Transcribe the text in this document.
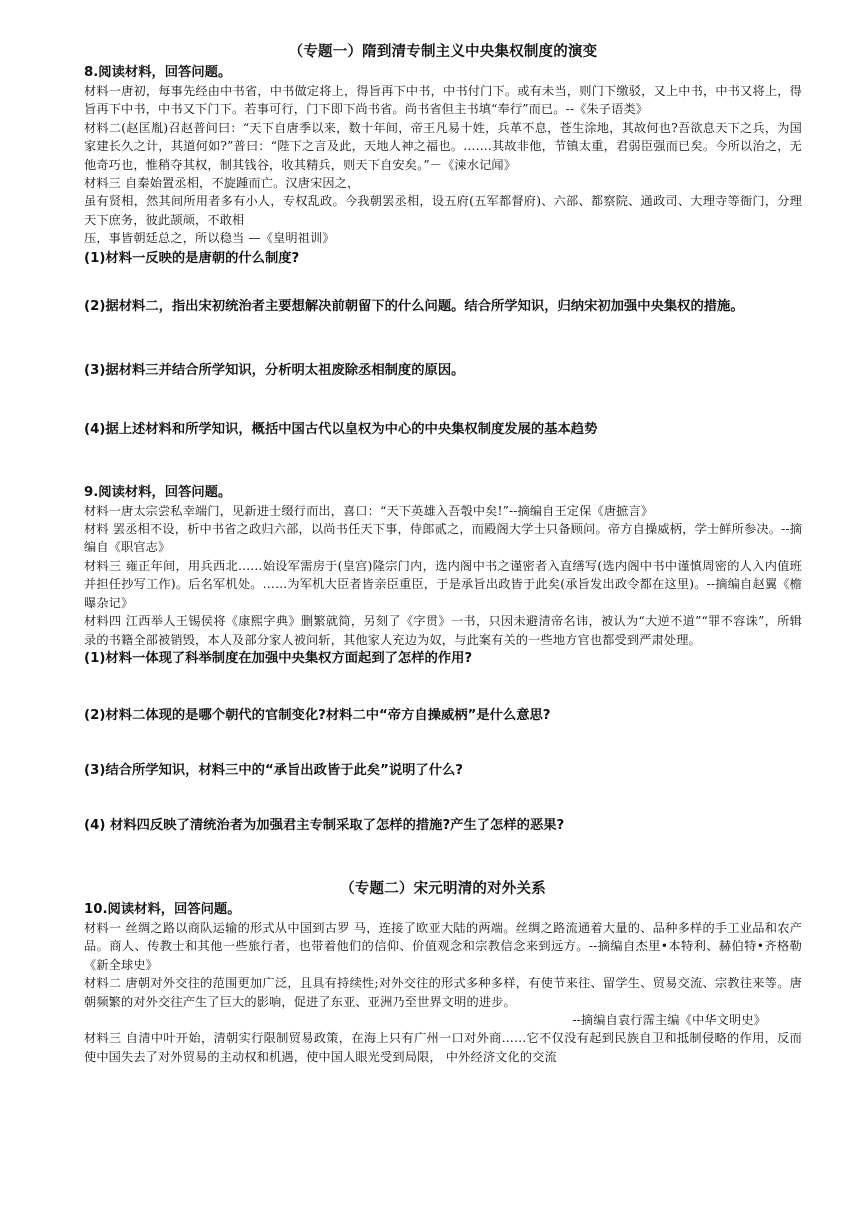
（专题一）隋到清专制主义中央集权制度的演变
8.阅读材料，回答问题。
材料一唐初，每事先经由中书省，中书做定将上，得旨再下中书，中书付门下。或有未当，则门下缴驳，又上中书，中书又将上，得旨再下中书，中书又下门下。若事可行，门下即下尚书省。尚书省但主书填“奉行”而已。--《朱子语类》
材料二(赵匡胤)召赵普问曰：“天下自唐季以来，数十年间，帝王凡易十姓，兵革不息，苍生涂地，其故何也?吾欲息天下之兵，为国家建长久之计，其道何如?”普曰：“陛下之言及此，天地人神之福也。…….其故非他，节镇太重，君弱臣强而已矣。今所以治之，无他奇巧也，惟稍夺其权，制其钱谷，收其精兵，则天下自安矣。”－《涑水记闻》
材料三 自秦始置丞相，不旋踵而亡。汉唐宋因之，
虽有贤相，然其间所用者多有小人，专权乱政。今我朝罢丞相，设五府(五军都督府)、六部、都察院、通政司、大理寺等衙门，分理天下庶务，彼此颉颃，不敢相
压，事皆朝廷总之，所以稳当 —《皇明祖训》
(1)材料一反映的是唐朝的什么制度?
(2)据材料二，指出宋初统治者主要想解决前朝留下的什么问题。结合所学知识，归纳宋初加强中央集权的措施。
(3)据材料三并结合所学知识，分析明太祖废除丞相制度的原因。
(4)据上述材料和所学知识，概括中国古代以皇权为中心的中央集权制度发展的基本趋势
9.阅读材料，回答问题。
材料一唐太宗尝私幸端门，见新进士缀行而出，喜口：“天下英雄入吾彀中矣!”--摘编自王定保《唐摭言》
材料 罢丞相不设，析中书省之政归六部，以尚书任天下事，侍郎贰之，而殿阁大学士只备顾问。帝方自操威柄，学士鲜所参决。--摘编自《职官志》
材料三 雍正年间，用兵西北……始设军需房于(皇宫)隆宗门内，选内阁中书之谨密者入直缮写(选内阁中书中谨慎周密的人入内值班并担任抄写工作)。后名军机处。……为军机大臣者皆亲臣重臣，于是承旨出政皆于此矣(承旨发出政令都在这里)。--摘编自赵翼《檐曝杂记》
材料四 江西举人王锡侯将《康熙字典》删繁就简，另刻了《字贯》一书，只因未避清帝名讳，被认为“大逆不道”“罪不容诛”，所辑录的书籍全部被销毁，本人及部分家人被问斩，其他家人充边为奴，与此案有关的一些地方官也都受到严肃处理。
(1)材料一体现了科举制度在加强中央集权方面起到了怎样的作用?
(2)材料二体现的是哪个朝代的官制变化?材料二中“帝方自操威柄”是什么意思?
(3)结合所学知识，材料三中的“承旨出政皆于此矣”说明了什么?
(4) 材料四反映了清统治者为加强君主专制采取了怎样的措施?产生了怎样的恶果?
（专题二）宋元明清的对外关系
10.阅读材料，回答问题。
材料一 丝绸之路以商队运输的形式从中国到古罗 马，连接了欧亚大陆的两端。丝绸之路流通着大量的、品种多样的手工业品和农产品。商人、传教士和其他一些旅行者，也带着他们的信仰、价值观念和宗教信念来到远方。--摘编自杰里•本特利、赫伯特•齐格勒《新全球史》
材料二 唐朝对外交往的范围更加广泛，且具有持续性;对外交往的形式多种多样，有使节来往、留学生、贸易交流、宗教往来等。唐朝频繁的对外交往产生了巨大的影响，促进了东亚、亚洲乃至世界文明的进步。
--摘编自袁行霈主编《中华文明史》
材料三 自清中叶开始，清朝实行限制贸易政策，在海上只有广州一口对外商……它不仅没有起到民族自卫和抵制侵略的作用，反而使中国失去了对外贸易的主动权和机遇，使中国人眼光受到局限， 中外经济文化的交流
